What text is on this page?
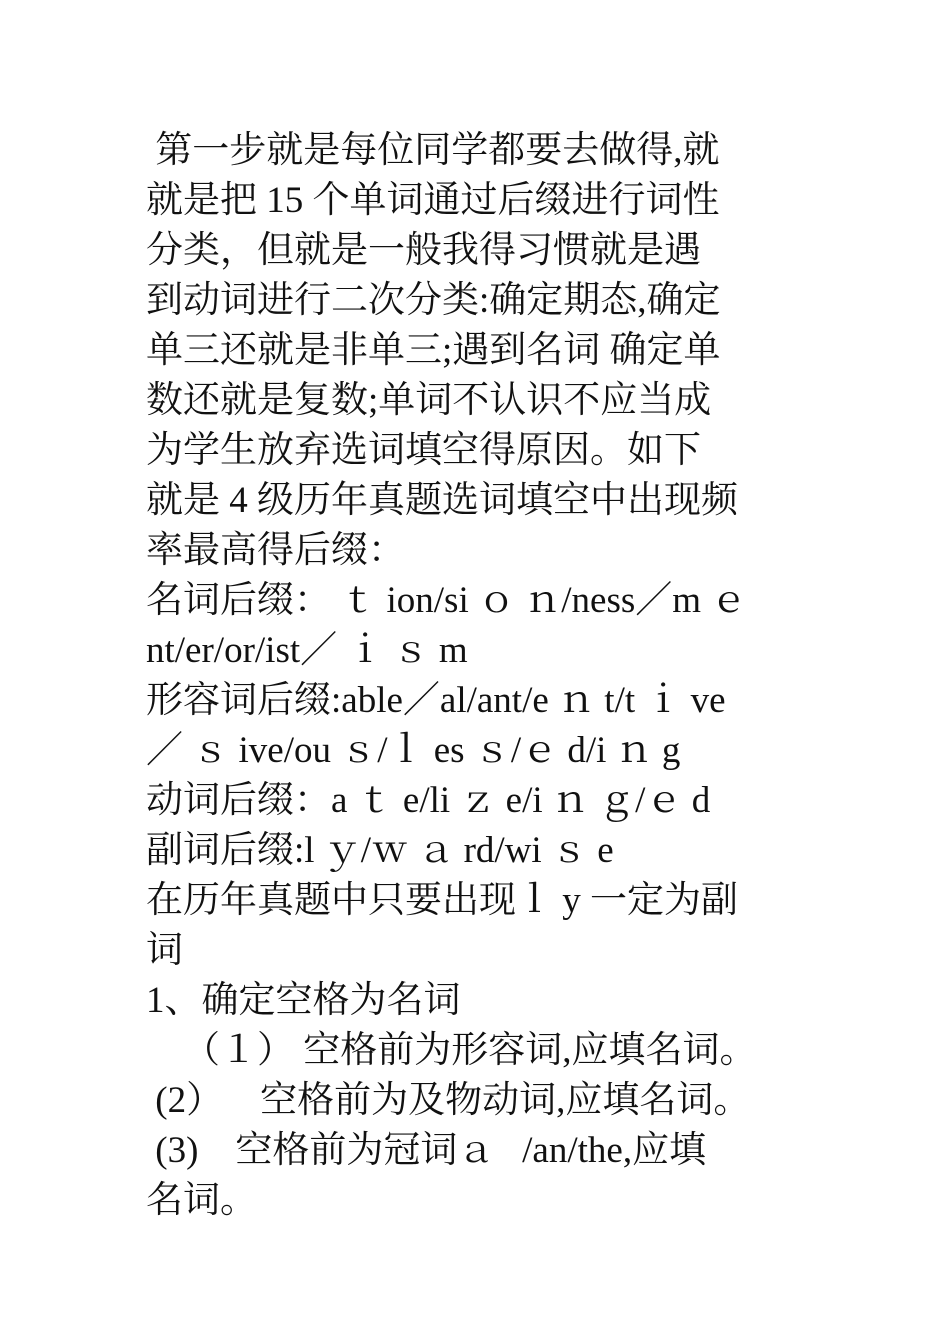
第一步就是每位同学都要去做得,就
就是把 15 个单词通过后缀进行词性
分类，但就是一般我得习惯就是遇
到动词进行二次分类:确定期态,确定
单三还就是非单三;遇到名词 确定单
数还就是复数;单词不认识不应当成
为学生放弃选词填空得原因。如下
就是 4 级历年真题选词填空中出现频
率最高得后缀：
名词后缀： ｔ ion/si ｏ ｎ/ness／m ｅ
nt/er/or/ist／ ｉ ｓ m
形容词后缀:able／al/ant/e ｎ t/t ｉ ve
／ ｓ ive/ou ｓ/ｌ es ｓ/ｅ d/i ｎ g
动词后缀：a ｔ e/li ｚ e/i ｎ ｇ/ｅ d
副词后缀:l ｙ/ｗ ａ rd/wi ｓ e
在历年真题中只要出现ｌ y 一定为副
词
1、确定空格为名词
（１） 空格前为形容词,应填名词。
(2）    空格前为及物动词,应填名词。
(3)    空格前为冠词ａ   /an/the,应填
名词。
